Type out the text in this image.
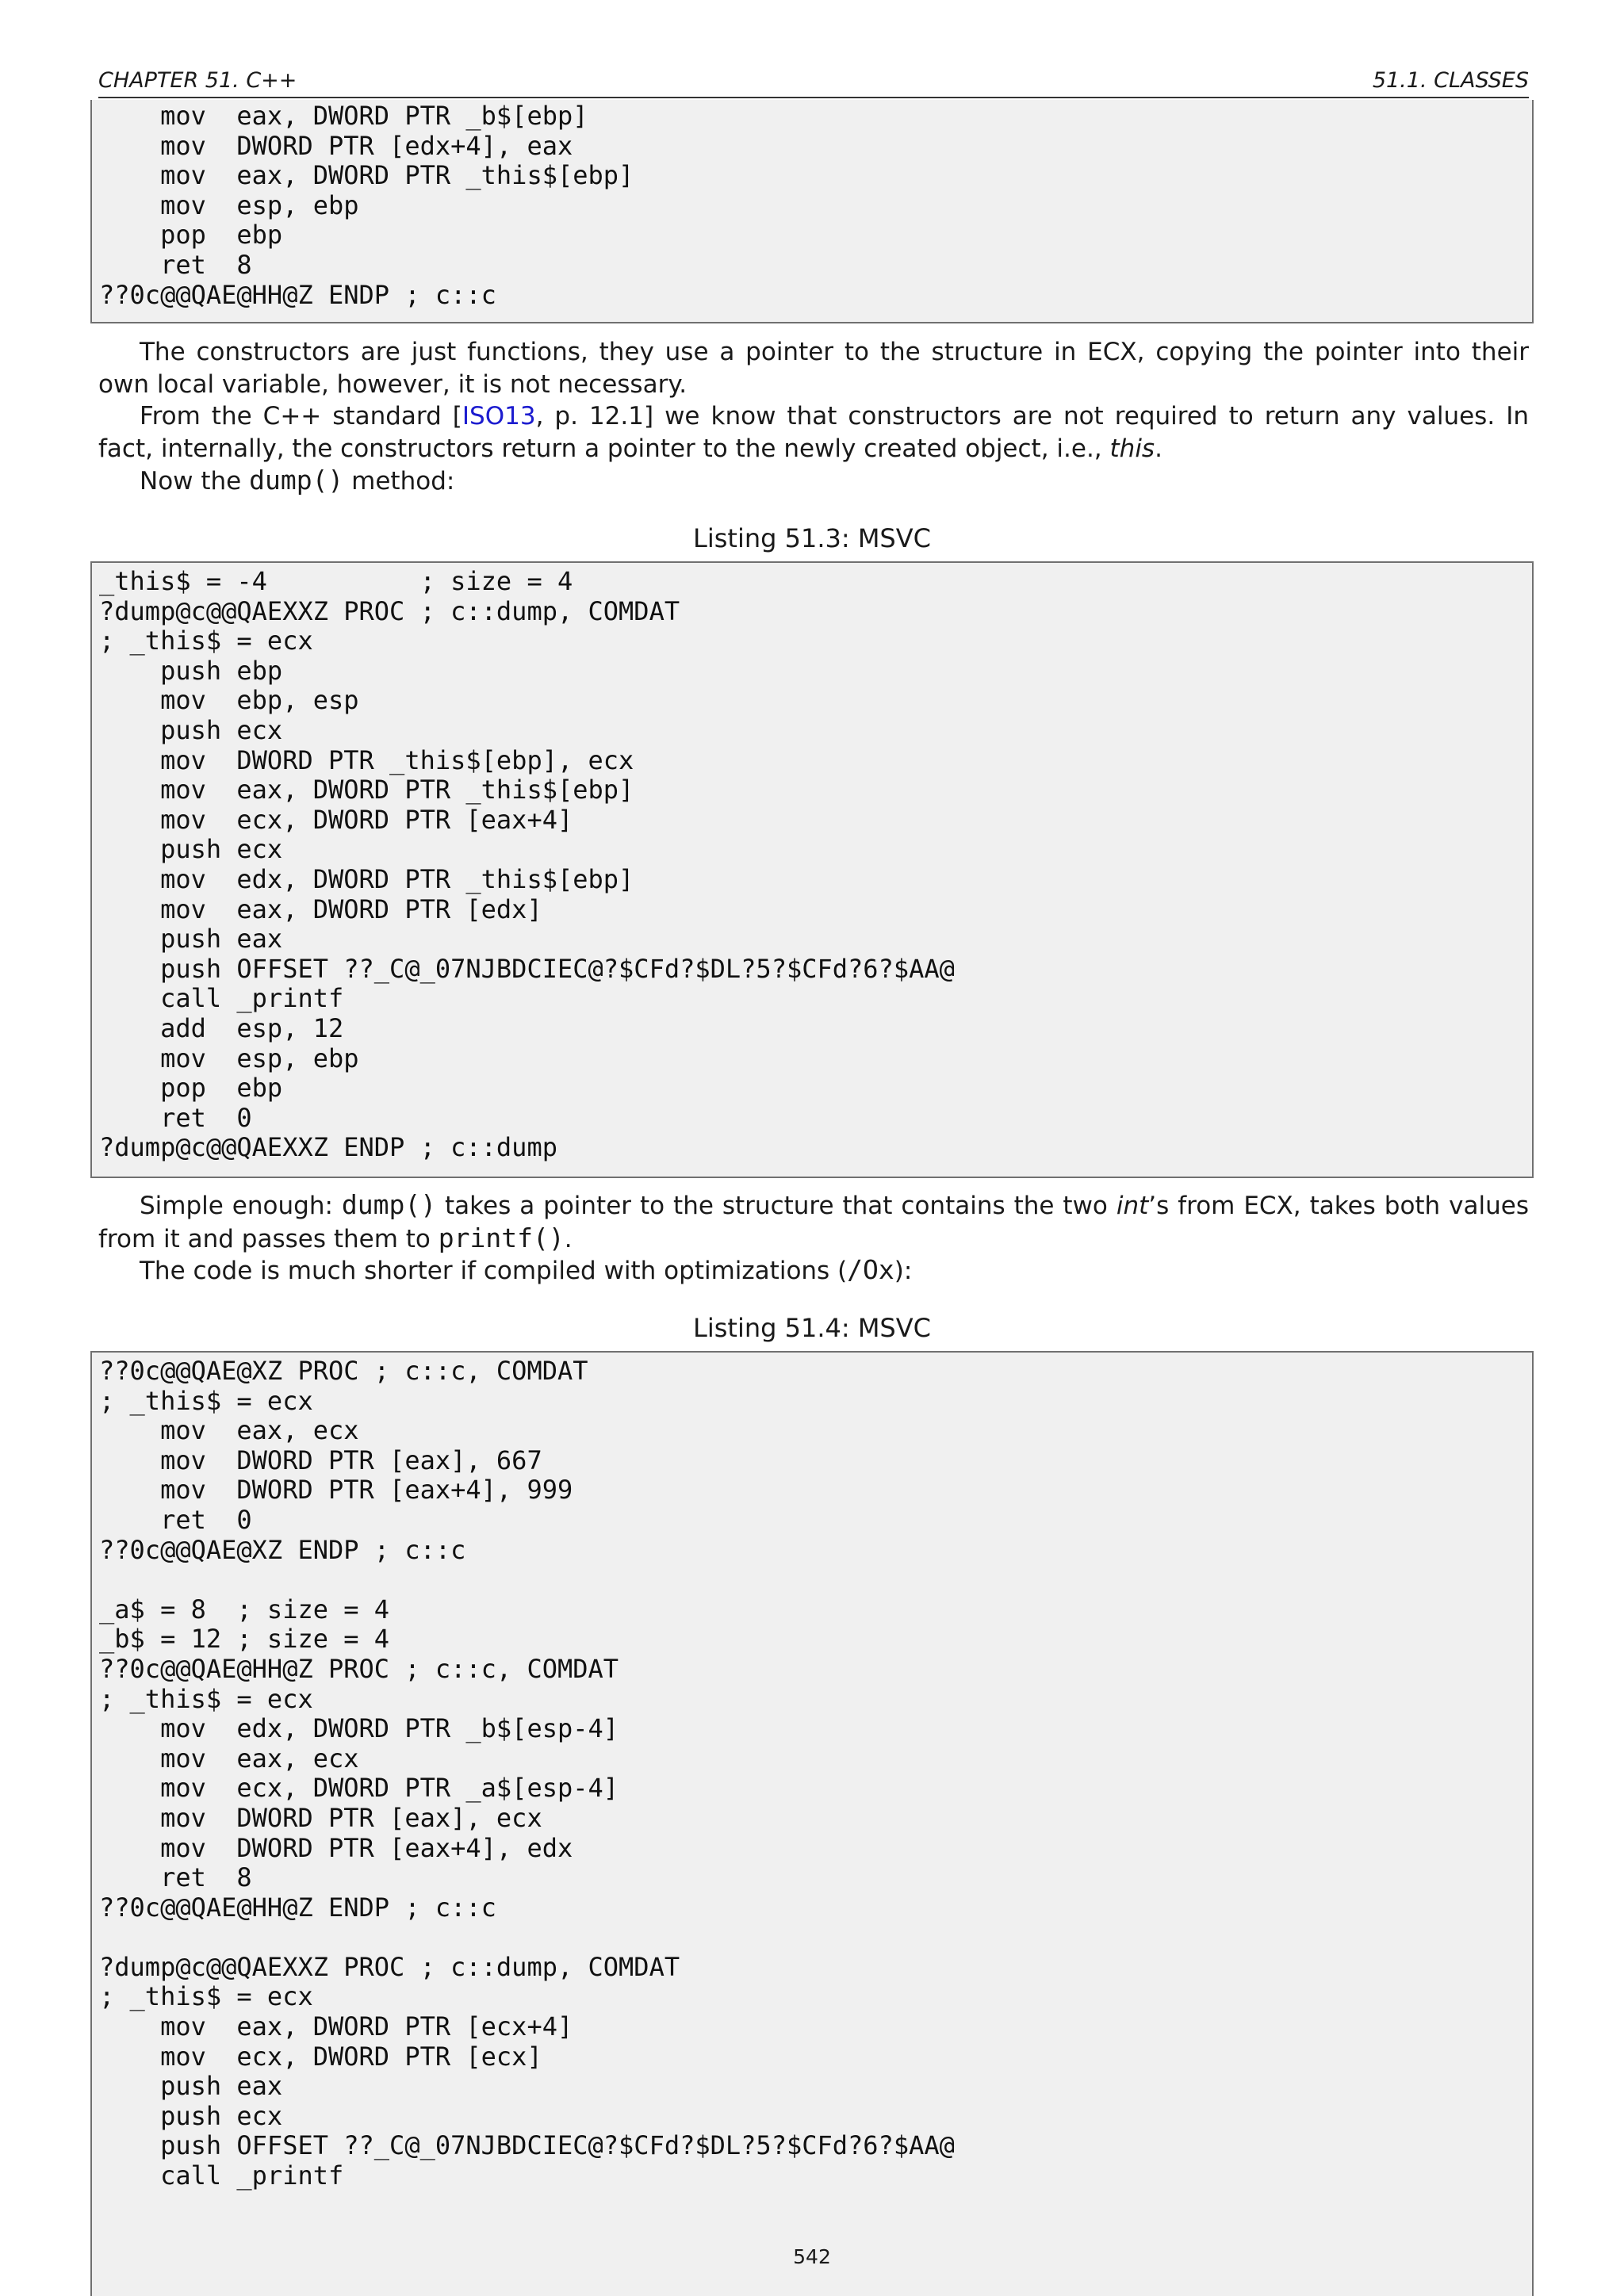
CHAPTER 51. C++	51.1. CLASSES
mov  eax, DWORD PTR _b$[ebp]
mov  DWORD PTR [edx+4], eax
mov  eax, DWORD PTR _this$[ebp]
mov  esp, ebp
pop  ebp
ret  8
??0c@@QAE@HH@Z ENDP ; c::c

The constructors are just functions, they use a pointer to the structure in ECX, copying the pointer into their own local variable, however, it is not necessary.

From the C++ standard [ISO13, p. 12.1] we know that constructors are not required to return any values. In fact, internally, the constructors return a pointer to the newly created object, i.e., this.

Now the dump() method:

Listing 51.3: MSVC

_this$ = -4          ; size = 4
?dump@c@@QAEXXZ PROC ; c::dump, COMDAT
; _this$ = ecx
push ebp
mov  ebp, esp
push ecx
mov  DWORD PTR _this$[ebp], ecx
mov  eax, DWORD PTR _this$[ebp]
mov  ecx, DWORD PTR [eax+4]
push ecx
mov  edx, DWORD PTR _this$[ebp]
mov  eax, DWORD PTR [edx]
push eax
push OFFSET ??_C@_07NJBDCIEC@?$CFd?$DL?5?$CFd?6?$AA@
call _printf
add  esp, 12
mov  esp, ebp
pop  ebp
ret  0
?dump@c@@QAEXXZ ENDP ; c::dump

Simple enough: dump() takes a pointer to the structure that contains the two int’s from ECX, takes both values from it and passes them to printf().

The code is much shorter if compiled with optimizations (/Ox):

Listing 51.4: MSVC

??0c@@QAE@XZ PROC ; c::c, COMDAT
; _this$ = ecx
mov  eax, ecx
mov  DWORD PTR [eax], 667
mov  DWORD PTR [eax+4], 999
ret  0
??0c@@QAE@XZ ENDP ; c::c

_a$ = 8  ; size = 4
_b$ = 12 ; size = 4
??0c@@QAE@HH@Z PROC ; c::c, COMDAT
; _this$ = ecx
mov  edx, DWORD PTR _b$[esp-4]
mov  eax, ecx
mov  ecx, DWORD PTR _a$[esp-4]
mov  DWORD PTR [eax], ecx
mov  DWORD PTR [eax+4], edx
ret  8
??0c@@QAE@HH@Z ENDP ; c::c

?dump@c@@QAEXXZ PROC ; c::dump, COMDAT
; _this$ = ecx
mov  eax, DWORD PTR [ecx+4]
mov  ecx, DWORD PTR [ecx]
push eax
push ecx
push OFFSET ??_C@_07NJBDCIEC@?$CFd?$DL?5?$CFd?6?$AA@
call _printf
542
